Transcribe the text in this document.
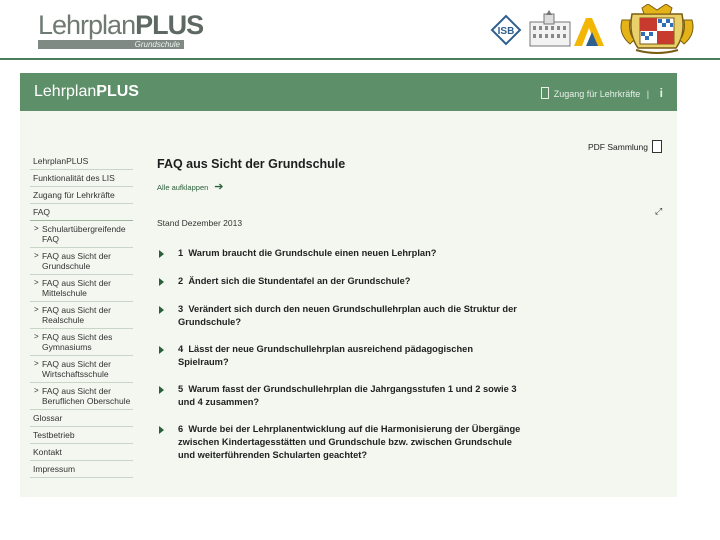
LehrplanPLUS
Grundschule
ISB
LehrplanPLUS	Zugang für Lehrkräfte | i
LehrplanPLUS
Funktionalität des LIS
Zugang für Lehrkräfte
FAQ
> Schulartübergreifende FAQ
> FAQ aus Sicht der Grundschule
> FAQ aus Sicht der Mittelschule
> FAQ aus Sicht der Realschule
> FAQ aus Sicht des Gymnasiums
> FAQ aus Sicht der Wirtschaftsschule
> FAQ aus Sicht der Beruflichen Oberschule
Glossar
Testbetrieb
Kontakt
Impressum
PDF Sammlung
⤢
FAQ aus Sicht der Grundschule
Alle aufklappen ➔
Stand Dezember 2013
1 Warum braucht die Grundschule einen neuen Lehrplan?
2 Ändert sich die Stundentafel an der Grundschule?
3 Verändert sich durch den neuen Grundschullehrplan auch die Struktur der Grundschule?
4 Lässt der neue Grundschullehrplan ausreichend pädagogischen Spielraum?
5 Warum fasst der Grundschullehrplan die Jahrgangsstufen 1 und 2 sowie 3 und 4 zusammen?
6 Wurde bei der Lehrplanentwicklung auf die Harmonisierung der Übergänge zwischen Kindertagesstätten und Grundschule bzw. zwischen Grundschule und weiterführenden Schularten geachtet?
